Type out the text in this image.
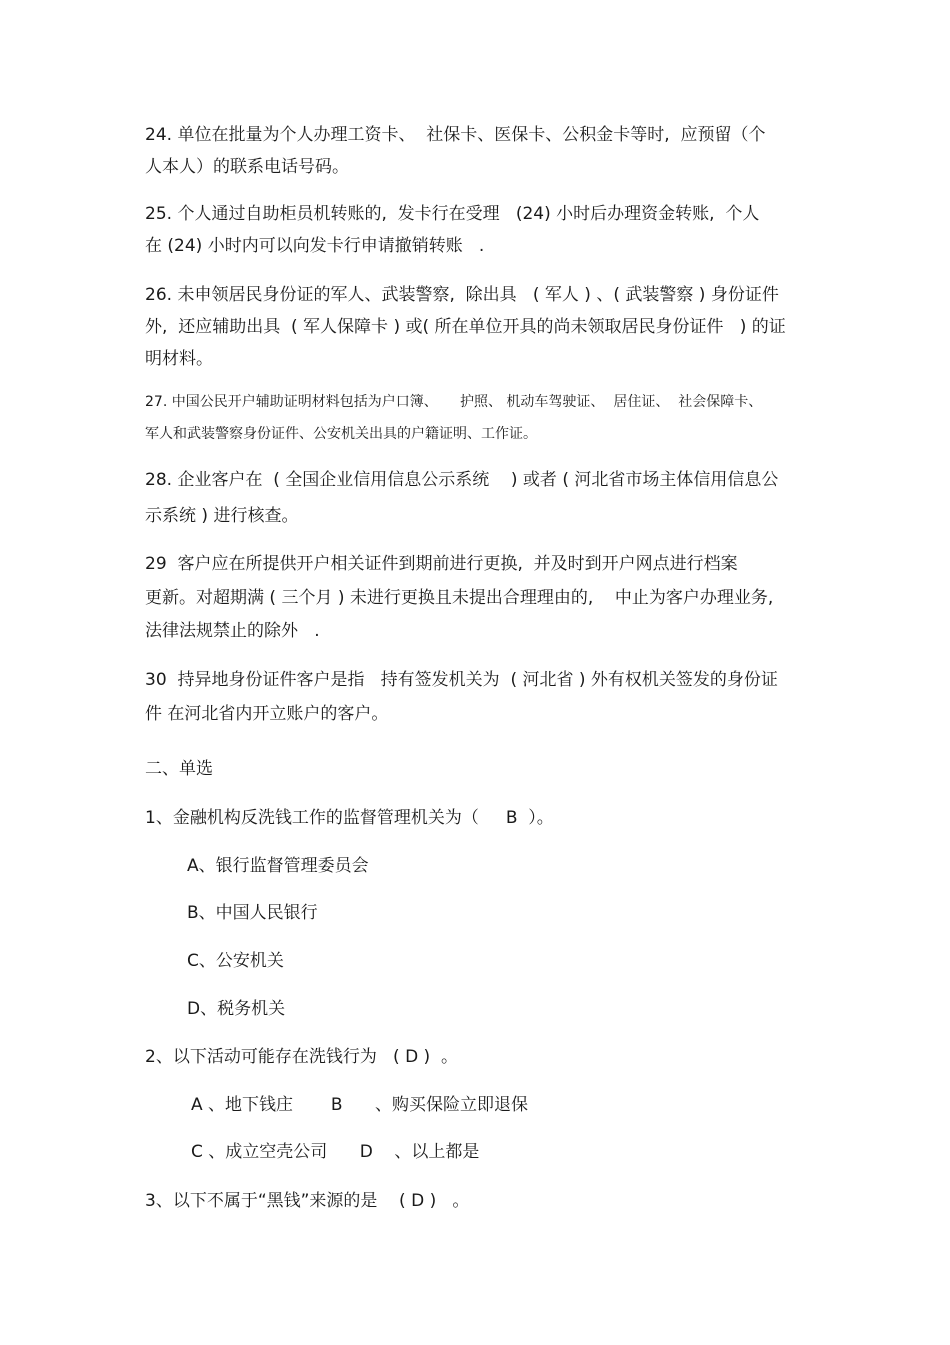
24. 单位在批量为个人办理工资卡、  社保卡、医保卡、公积金卡等时,  应预留（个
人本人）的联系电话号码。
25. 个人通过自助柜员机转账的,  发卡行在受理   (24) 小时后办理资金转账,  个人
在 (24) 小时内可以向发卡行申请撤销转账   .
26. 未申领居民身份证的军人、武装警察,  除出具   ( 军人 ) 、( 武装警察 ) 身份证件
外,  还应辅助出具  ( 军人保障卡 ) 或( 所在单位开具的尚未领取居民身份证件   ) 的证
明材料。
27. 中国公民开户辅助证明材料包括为户口簿、     护照、 机动车驾驶证、  居住证、  社会保障卡、
军人和武装警察身份证件、公安机关出具的户籍证明、工作证。
28. 企业客户在  ( 全国企业信用信息公示系统    ) 或者 ( 河北省市场主体信用信息公
示系统 ) 进行核查。
29  客户应在所提供开户相关证件到期前进行更换,  并及时到开户网点进行档案
更新。对超期满 ( 三个月 ) 未进行更换且未提出合理理由的,    中止为客户办理业务,
法律法规禁止的除外   .
30  持异地身份证件客户是指   持有签发机关为  ( 河北省 ) 外有权机关签发的身份证
件 在河北省内开立账户的客户。
二、单选
1、金融机构反洗钱工作的监督管理机关为（     B  ）。
A、银行监督管理委员会
B、中国人民银行
C、公安机关
D、税务机关
2、以下活动可能存在洗钱行为   ( D )  。
A 、地下钱庄       B      、购买保险立即退保
C 、成立空壳公司      D    、以上都是
3、以下不属于“黑钱”来源的是    ( D )   。
